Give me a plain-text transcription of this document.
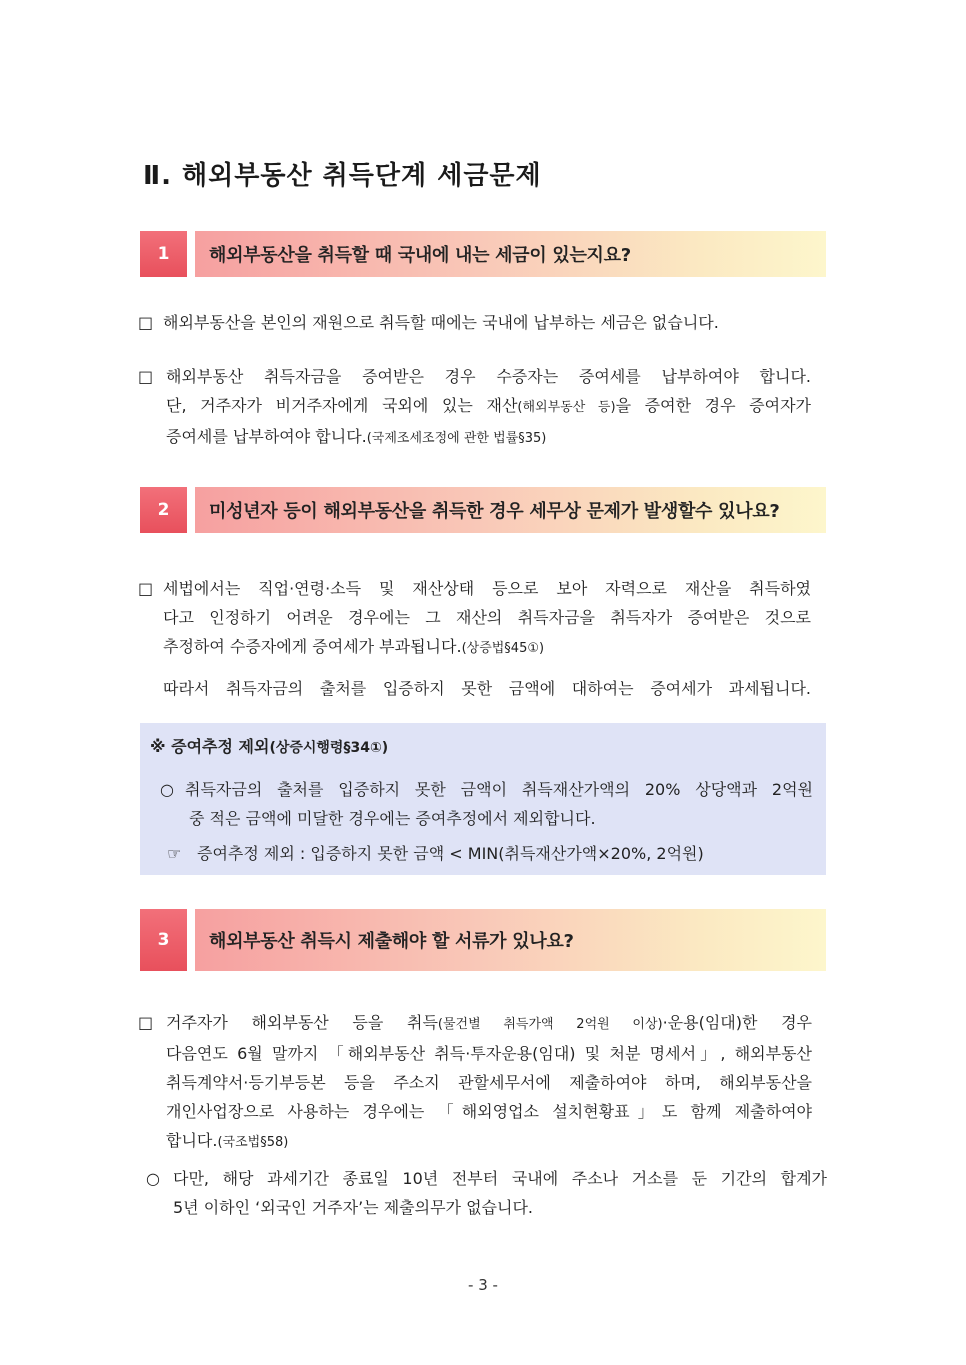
Ⅱ. 해외부동산 취득단계 세금문제
1	해외부동산을 취득할 때 국내에 내는 세금이 있는지요?
□ 해외부동산을 본인의 재원으로 취득할 때에는 국내에 납부하는 세금은 없습니다.
□ 해외부동산 취득자금을 증여받은 경우 수증자는 증여세를 납부하여야 합니다.
단, 거주자가 비거주자에게 국외에 있는 재산(해외부동산 등)을 증여한 경우 증여자가
증여세를 납부하여야 합니다.(국제조세조정에 관한 법률§35)
2	미성년자 등이 해외부동산을 취득한 경우 세무상 문제가 발생할수 있나요?
□ 세법에서는 직업·연령·소득 및 재산상태 등으로 보아 자력으로 재산을 취득하였
다고 인정하기 어려운 경우에는 그 재산의 취득자금을 취득자가 증여받은 것으로
추정하여 수증자에게 증여세가 부과됩니다.(상증법§45①)
따라서 취득자금의 출처를 입증하지 못한 금액에 대하여는 증여세가 과세됩니다.
※ 증여추정 제외(상증시행령§34①)
○ 취득자금의 출처를 입증하지 못한 금액이 취득재산가액의 20% 상당액과 2억원
중 적은 금액에 미달한 경우에는 증여추정에서 제외합니다.
☞ 증여추정 제외 : 입증하지 못한 금액 < MIN(취득재산가액×20%, 2억원)
3	해외부동산 취득시 제출해야 할 서류가 있나요?
□ 거주자가 해외부동산 등을 취득(물건별 취득가액 2억원 이상)·운용(임대)한 경우
다음연도 6월 말까지 「해외부동산 취득·투자운용(임대) 및 처분 명세서」, 해외부동산
취득계약서·등기부등본 등을 주소지 관할세무서에 제출하여야 하며, 해외부동산을
개인사업장으로 사용하는 경우에는 「해외영업소 설치현황표」도 함께 제출하여야
합니다.(국조법§58)
○ 다만, 해당 과세기간 종료일 10년 전부터 국내에 주소나 거소를 둔 기간의 합계가
5년 이하인 ‘외국인 거주자’는 제출의무가 없습니다.
- 3 -
